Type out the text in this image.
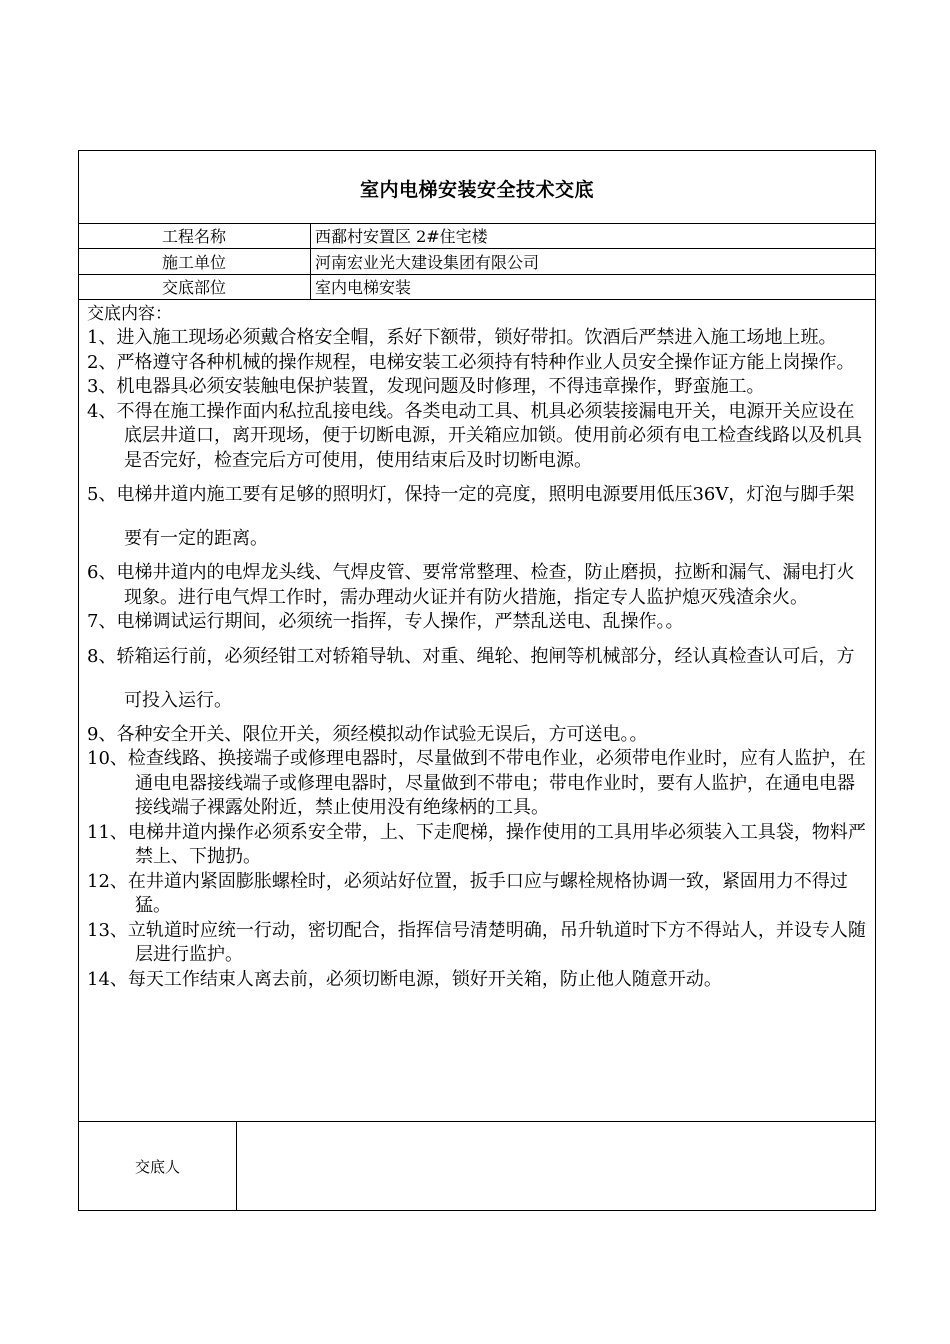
室内电梯安装安全技术交底
工程名称	西鄱村安置区 2#住宅楼
施工单位	河南宏业光大建设集团有限公司
交底部位	室内电梯安装
交底内容：
1、进入施工现场必须戴合格安全帽，系好下额带，锁好带扣。饮酒后严禁进入施工场地上班。
2、严格遵守各种机械的操作规程，电梯安装工必须持有特种作业人员安全操作证方能上岗操作。
3、机电器具必须安装触电保护装置，发现问题及时修理，不得违章操作，野蛮施工。
4、不得在施工操作面内私拉乱接电线。各类电动工具、机具必须装接漏电开关，电源开关应设在底层井道口，离开现场，便于切断电源，开关箱应加锁。使用前必须有电工检查线路以及机具是否完好，检查完后方可使用，使用结束后及时切断电源。
5、电梯井道内施工要有足够的照明灯，保持一定的亮度，照明电源要用低压36V，灯泡与脚手架要有一定的距离。
6、电梯井道内的电焊龙头线、气焊皮管、要常常整理、检查，防止磨损，拉断和漏气、漏电打火现象。进行电气焊工作时，需办理动火证并有防火措施，指定专人监护熄灭残渣余火。
7、电梯调试运行期间，必须统一指挥，专人操作，严禁乱送电、乱操作。。
8、轿箱运行前，必须经钳工对轿箱导轨、对重、绳轮、抱闸等机械部分，经认真检查认可后，方可投入运行。
9、各种安全开关、限位开关，须经模拟动作试验无误后，方可送电。。
10、检查线路、换接端子或修理电器时，尽量做到不带电作业，必须带电作业时，应有人监护，在通电电器接线端子或修理电器时，尽量做到不带电；带电作业时，要有人监护，在通电电器接线端子裸露处附近，禁止使用没有绝缘柄的工具。
11、电梯井道内操作必须系安全带，上、下走爬梯，操作使用的工具用毕必须装入工具袋，物料严禁上、下抛扔。
12、在井道内紧固膨胀螺栓时，必须站好位置，扳手口应与螺栓规格协调一致，紧固用力不得过猛。
13、立轨道时应统一行动，密切配合，指挥信号清楚明确，吊升轨道时下方不得站人，并设专人随层进行监护。
14、每天工作结束人离去前，必须切断电源，锁好开关箱，防止他人随意开动。
交底人
